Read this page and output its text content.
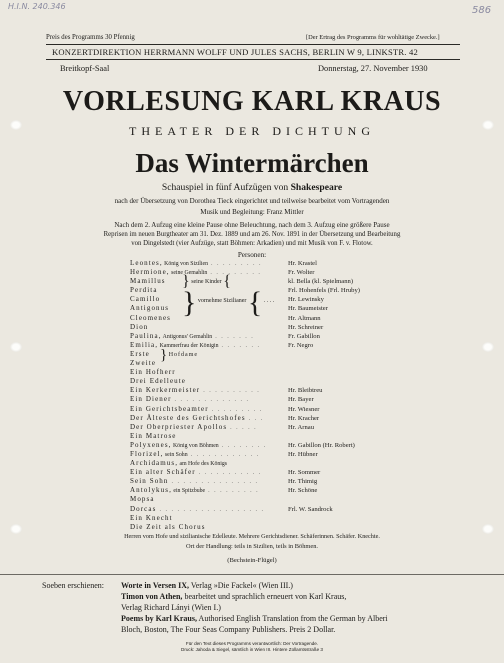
H.I.N. 240.346	586
Preis des Programms 30 Pfennig	[Der Ertrag des Programms für wohltätige Zwecke.]
KONZERTDIREKTION HERRMANN WOLFF UND JULES SACHS, BERLIN W 9, LINKSTR. 42
Breitkopf-Saal	Donnerstag, 27. November 1930
VORLESUNG KARL KRAUS
THEATER DER DICHTUNG
Das Wintermärchen
Schauspiel in fünf Aufzügen von Shakespeare
nach der Übersetzung von Dorothea Tieck eingerichtet und teilweise bearbeitet vom Vortragenden
Musik und Begleitung: Franz Mittler
Nach dem 2. Aufzug eine kleine Pause ohne Beleuchtung, nach dem 3. Aufzug eine größere Pause
Reprisen im neuen Burgtheater am 31. Dez. 1889 und am 26. Nov. 1891 in der Übersetzung und Bearbeitung
von Dingelstedt (vier Aufzüge, statt Böhmen: Arkadien) und mit Musik von F. v. Flotow.
Personen:
Leontes, König von Sizilien . . . . . . . . .	Hr. Krastel
Hermione, seine Gemahlin . . . . . . . . .	Fr. Wolter
Mamillus	kl. Bella (kl. Spielmann)
Perdita	Frl. Hohenfels (Frl. Hruby)
Camillo	Hr. Lewinsky
Antigonus	Hr. Baumeister
Cleomenes	Hr. Altmann
Dion	Hr. Schreiner
Paulina, Antigonus' Gemahlin . . . . . . .	Fr. Gabillon
Emilia, Kammerfrau der Königin . . . . . . .	Fr. Negro
Erste
Zweite
Ein Hofherr
Drei Edelleute
Ein Kerkermeister . . . . . . . . . .	Hr. Bleibtreu
Ein Diener . . . . . . . . . . . . .	Hr. Bayer
Ein Gerichtsbeamter . . . . . . . . .	Hr. Wiesner
Der Älteste des Gerichtshofes . . .	Hr. Kracher
Der Oberpriester Apollos . . . . .	Hr. Arnau
Ein Matrose
Polyxenes, König von Böhmen . . . . . . . .	Hr. Gabillon (Hr. Robert)
Florizel, sein Sohn . . . . . . . . . . . .	Hr. Hübner
Archidamus, am Hofe des Königs
Ein alter Schäfer . . . . . . . . . . .	Hr. Sommer
Sein Sohn . . . . . . . . . . . . . . .	Hr. Thimig
Antolykus, ein Spitzbube . . . . . . . . .	Hr. Schöne
Mopsa
Dorcas . . . . . . . . . . . . . . . . . .	Frl. W. Sandrock
Ein Knecht
Die Zeit als Chorus
} seine Kinder {
} vornehme Sizilianer { . . . .
} Hofdame
Herren vom Hofe und sizilianische Edelleute. Mehrere Gerichtsdiener. Schäferinnen. Schäfer. Knechte.
Ort der Handlung: teils in Sizilien, teils in Böhmen.
(Bechstein-Flügel)
Soeben erschienen: Worte in Versen IX, Verlag »Die Fackel« (Wien III.)
Timon von Athen, bearbeitet und sprachlich erneuert von Karl Kraus,
Verlag Richard Lányi (Wien I.)
Poems by Karl Kraus, Authorised English Translation from the German by Alberi
Bloch, Boston, The Four Seas Company Publishers. Preis 2 Dollar.
Für den Text dieses Programms verantwortlich: Der Vortragende.
Druck: Jahoda & Siegel, sämtlich in Wien III. Hintere Zollamtsstraße 3
